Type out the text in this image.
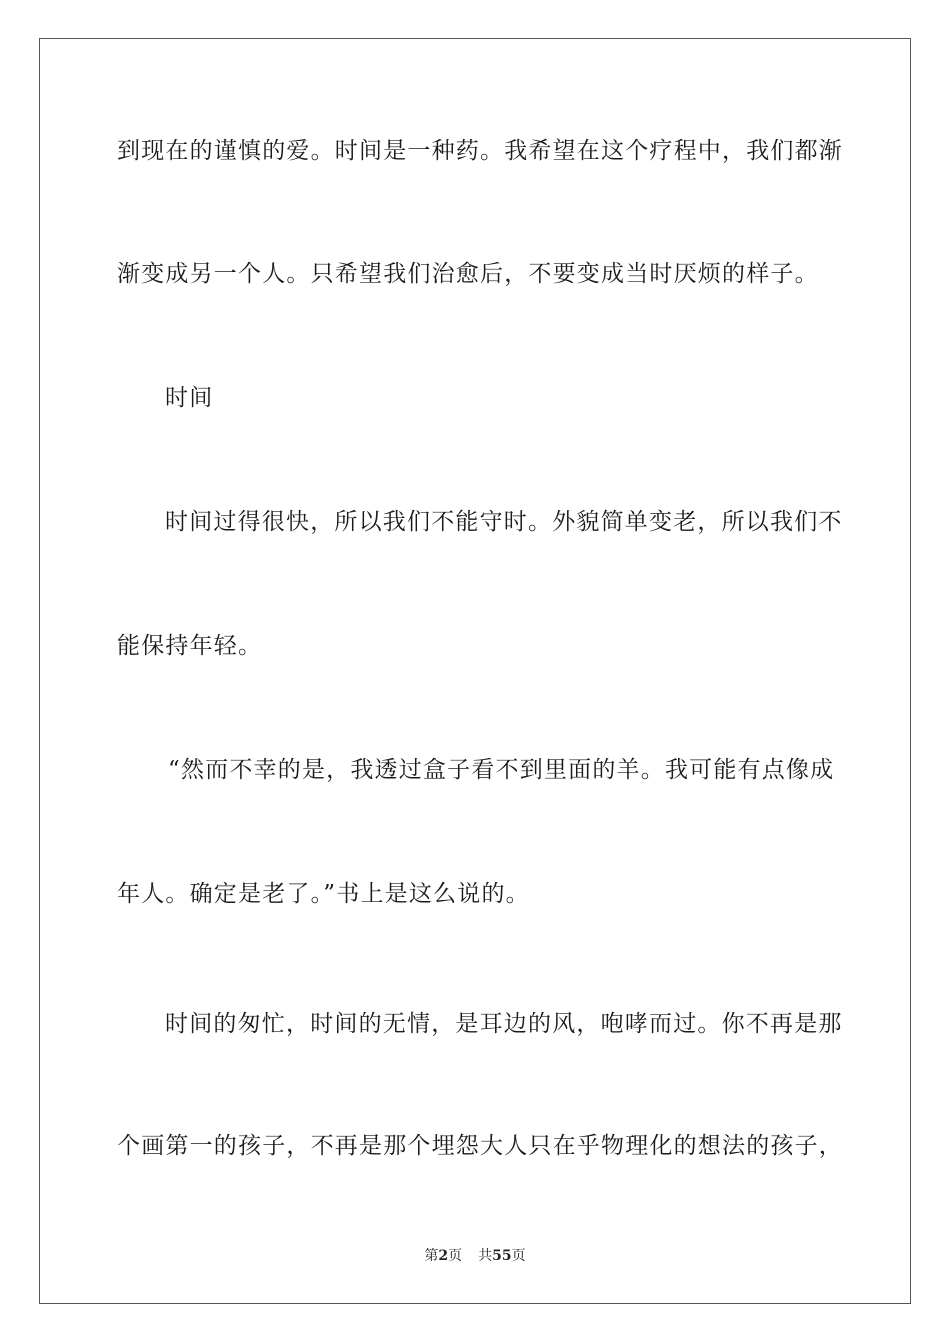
到现在的谨慎的爱。时间是一种药。我希望在这个疗程中，我们都渐
渐变成另一个人。只希望我们治愈后，不要变成当时厌烦的样子。
时间
时间过得很快，所以我们不能守时。外貌简单变老，所以我们不
能保持年轻。
“然而不幸的是，我透过盒子看不到里面的羊。我可能有点像成
年人。确定是老了。”书上是这么说的。
时间的匆忙，时间的无情，是耳边的风，咆哮而过。你不再是那
个画第一的孩子，不再是那个埋怨大人只在乎物理化的想法的孩子，
第2页 共55页
